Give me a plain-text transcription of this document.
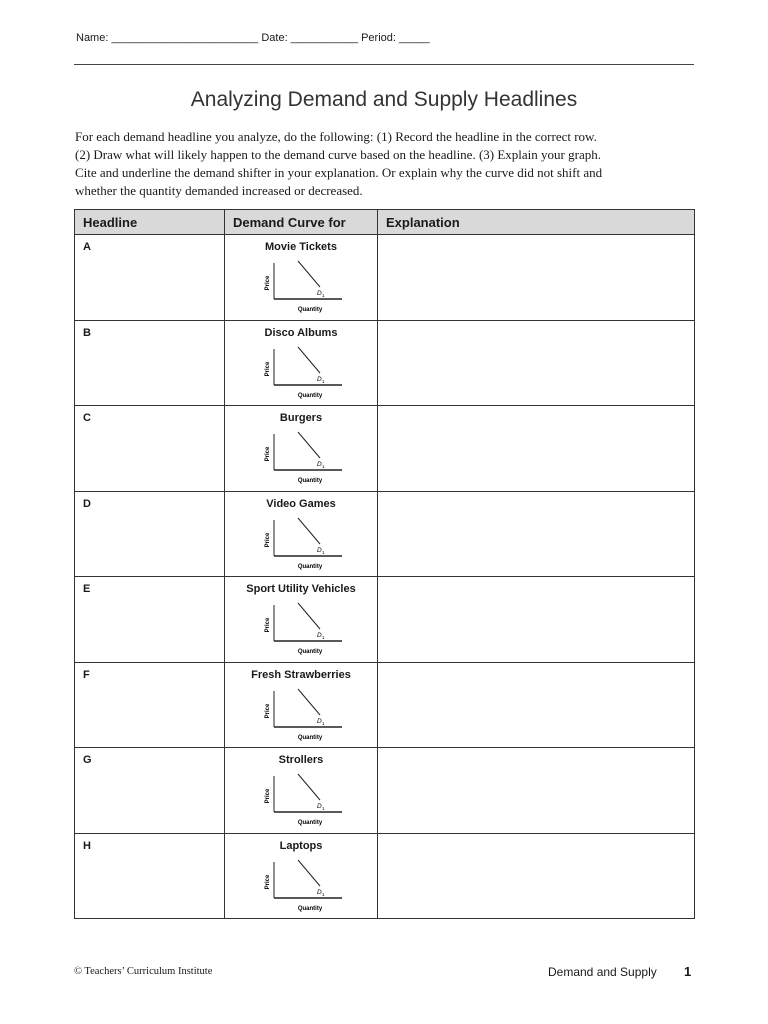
Name: ________________________ Date: ___________ Period: _____
Analyzing Demand and Supply Headlines

For each demand headline you analyze, do the following: (1) Record the headline in the correct row.

(2) Draw what will likely happen to the demand curve based on the headline. (3) Explain your graph.

Cite and underline the demand shifter in your explanation. Or explain why the curve did not shift and

whether the quantity demanded increased or decreased.

Headline	Demand Curve for	Explanation

A	Movie Tickets
Price
Quantity
D 1	

B	Disco Albums
Price
Quantity
D 1	

C	Burgers
Price
Quantity
D 1	

D	Video Games
Price
Quantity
D 1	

E	Sport Utility Vehicles
Price
Quantity
D 1	

F	Fresh Strawberries
Price
Quantity
D 1	

G	Strollers
Price
Quantity
D 1	

H	Laptops
Price
Quantity
D 1	

© Teachers’ Curriculum Institute	Demand and Supply 1
